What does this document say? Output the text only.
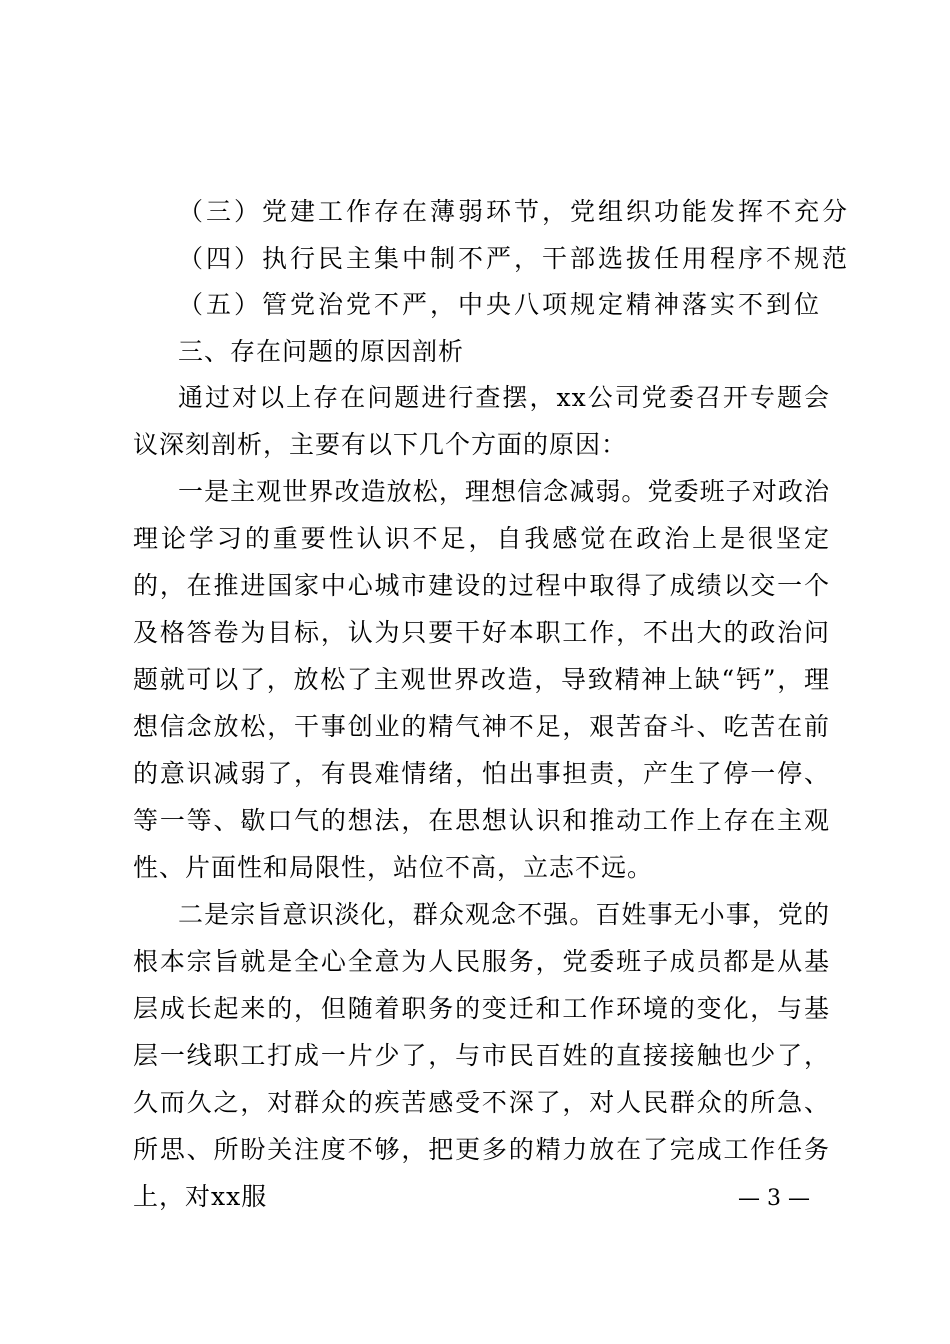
（三）党建工作存在薄弱环节，党组织功能发挥不充分
（四）执行民主集中制不严，干部选拔任用程序不规范
（五）管党治党不严，中央八项规定精神落实不到位
三、存在问题的原因剖析

通过对以上存在问题进行查摆，xx公司党委召开专题会议深刻剖析，主要有以下几个方面的原因：

一是主观世界改造放松，理想信念减弱。党委班子对政治理论学习的重要性认识不足，自我感觉在政治上是很坚定的，在推进国家中心城市建设的过程中取得了成绩以交一个及格答卷为目标，认为只要干好本职工作，不出大的政治问题就可以了，放松了主观世界改造，导致精神上缺“钙”，理想信念放松，干事创业的精气神不足，艰苦奋斗、吃苦在前的意识减弱了，有畏难情绪，怕出事担责，产生了停一停、等一等、歇口气的想法，在思想认识和推动工作上存在主观性、片面性和局限性，站位不高，立志不远。

二是宗旨意识淡化，群众观念不强。百姓事无小事，党的根本宗旨就是全心全意为人民服务，党委班子成员都是从基层成长起来的，但随着职务的变迁和工作环境的变化，与基层一线职工打成一片少了，与市民百姓的直接接触也少了，久而久之，对群众的疾苦感受不深了，对人民群众的所急、所思、所盼关注度不够，把更多的精力放在了完成工作任务上，对xx服	— 3 —
